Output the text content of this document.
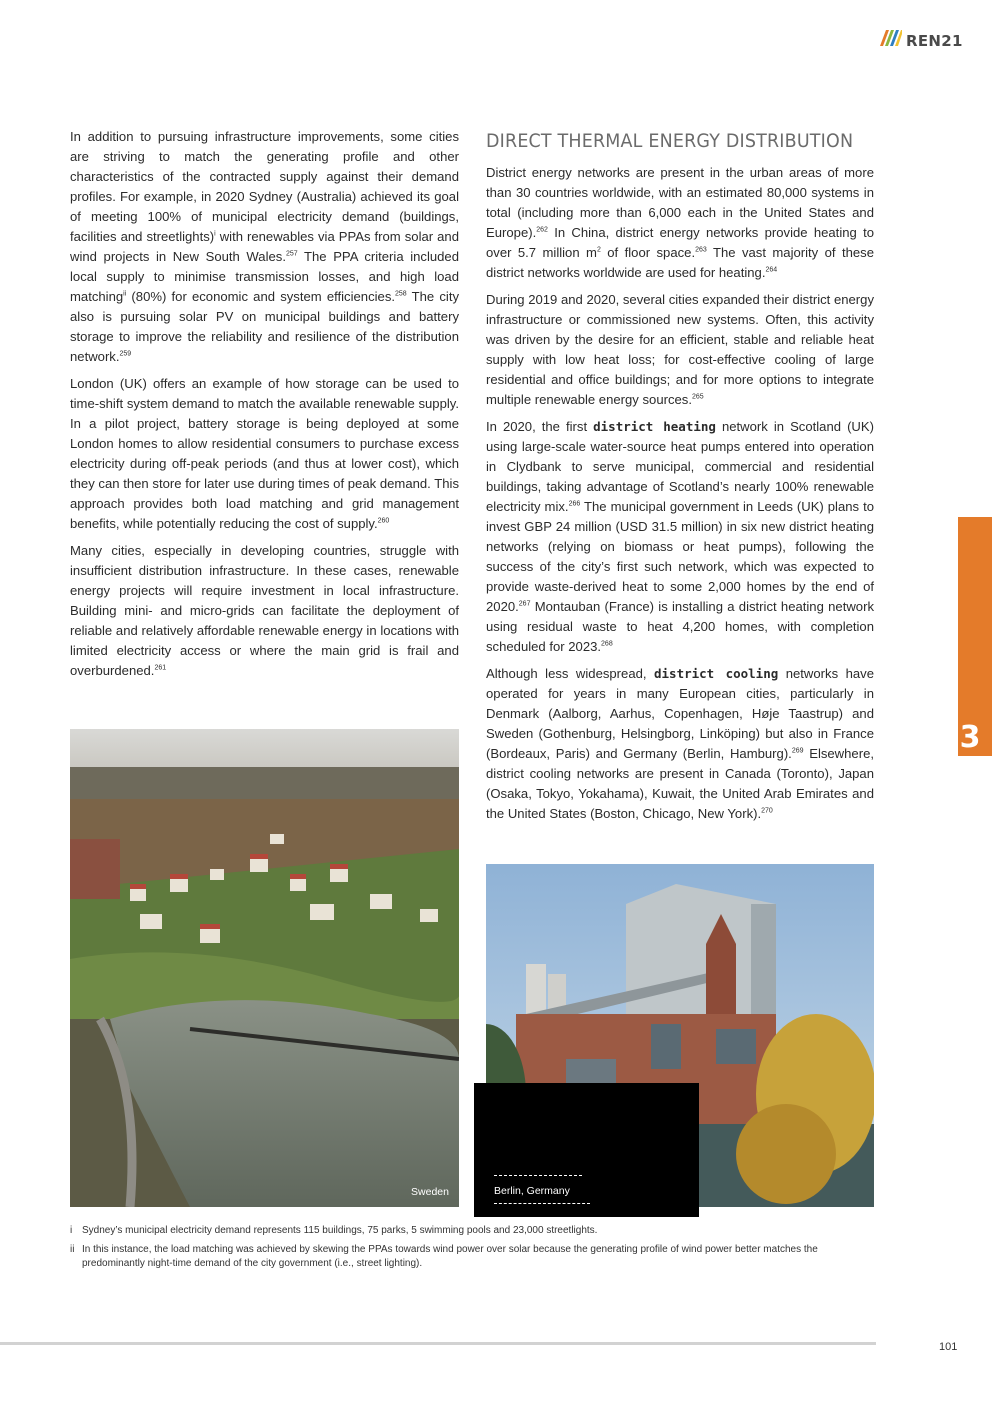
REN21

In addition to pursuing infrastructure improvements, some cities are striving to match the generating profile and other characteristics of the contracted supply against their demand profiles. For example, in 2020 Sydney (Australia) achieved its goal of meeting 100% of municipal electricity demand (buildings, facilities and streetlights)$^i$ with renewables via PPAs from solar and wind projects in New South Wales.$^{257}$ The PPA criteria included local supply to minimise transmission losses, and high load matching$^{ii}$ (80%) for economic and system efficiencies.$^{258}$ The city also is pursuing solar PV on municipal buildings and battery storage to improve the reliability and resilience of the distribution network.$^{259}$

London (UK) offers an example of how storage can be used to time-shift system demand to match the available renewable supply. In a pilot project, battery storage is being deployed at some London homes to allow residential consumers to purchase excess electricity during off-peak periods (and thus at lower cost), which they can then store for later use during times of peak demand. This approach provides both load matching and grid management benefits, while potentially reducing the cost of supply.$^{260}$

Many cities, especially in developing countries, struggle with insufficient distribution infrastructure. In these cases, renewable energy projects will require investment in local infrastructure. Building mini- and micro-grids can facilitate the deployment of reliable and relatively affordable renewable energy in locations with limited electricity access or where the main grid is frail and overburdened.$^{261}$

DIRECT THERMAL ENERGY DISTRIBUTION

District energy networks are present in the urban areas of more than 30 countries worldwide, with an estimated 80,000 systems in total (including more than 6,000 each in the United States and Europe).$^{262}$ In China, district energy networks provide heating to over 5.7 million $m^2$ of floor space.$^{263}$ The vast majority of these district networks worldwide are used for heating.$^{264}$

During 2019 and 2020, several cities expanded their district energy infrastructure or commissioned new systems. Often, this activity was driven by the desire for an efficient, stable and reliable heat supply with low heat loss; for cost-effective cooling of large residential and office buildings; and for more options to integrate multiple renewable energy sources.$^{265}$

In 2020, the first district heating network in Scotland (UK) using large-scale water-source heat pumps entered into operation in Clydbank to serve municipal, commercial and residential buildings, taking advantage of Scotland’s nearly 100% renewable electricity mix.$^{266}$ The municipal government in Leeds (UK) plans to invest GBP 24 million (USD 31.5 million) in six new district heating networks (relying on biomass or heat pumps), following the success of the city’s first such network, which was expected to provide waste-derived heat to some 2,000 homes by the end of 2020.$^{267}$ Montauban (France) is installing a district heating network using residual waste to heat 4,200 homes, with completion scheduled for 2023.$^{268}$

Although less widespread, district cooling networks have operated for years in many European cities, particularly in Denmark (Aalborg, Aarhus, Copenhagen, Høje Taastrup) and Sweden (Gothenburg, Helsingborg, Linköping) but also in France (Bordeaux, Paris) and Germany (Berlin, Hamburg).$^{269}$ Elsewhere, district cooling networks are present in Canada (Toronto), Japan (Osaka, Tokyo, Yokahama), Kuwait, the United Arab Emirates and the United States (Boston, Chicago, New York).$^{270}$

Sweden	Berlin, Germany
i Sydney’s municipal electricity demand represents 115 buildings, 75 parks, 5 swimming pools and 23,000 streetlights.
ii In this instance, the load matching was achieved by skewing the PPAs towards wind power over solar because the generating profile of wind power better matches the predominantly night-time demand of the city government (i.e., street lighting).
3
101
